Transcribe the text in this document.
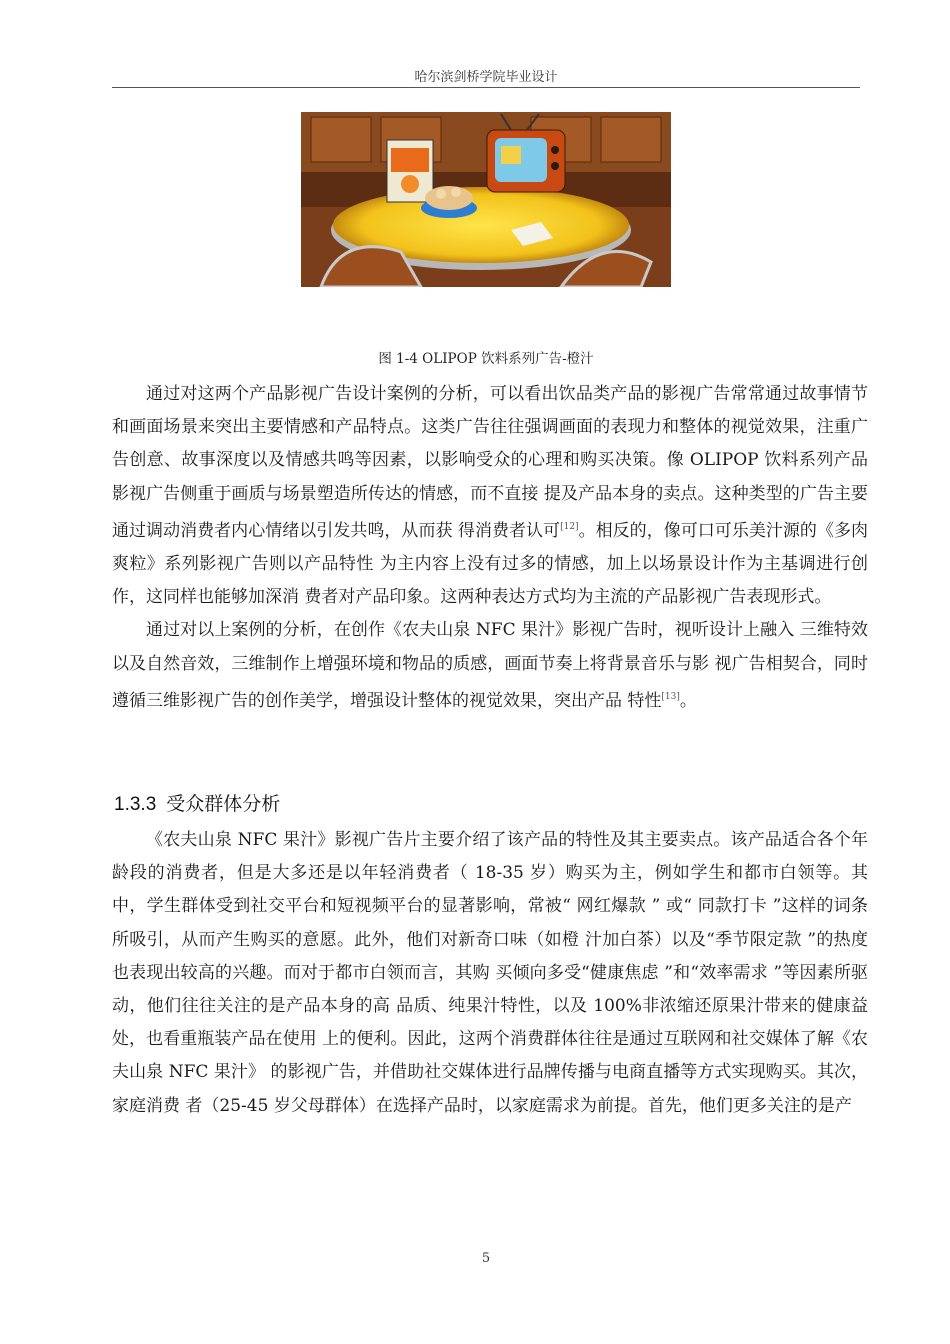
哈尔滨剑桥学院毕业设计
图 1-4 OLIPOP 饮料系列广告-橙汁

通过对这两个产品影视广告设计案例的分析，可以看出饮品类产品的影视广告常常通过故事情节和画面场景来突出主要情感和产品特点。这类广告往往强调画面的表现力和整体的视觉效果，注重广告创意、故事深度以及情感共鸣等因素，以影响受众的心理和购买决策。像 OLIPOP 饮料系列产品影视广告侧重于画质与场景塑造所传达的情感，而不直接 提及产品本身的卖点。这种类型的广告主要通过调动消费者内心情绪以引发共鸣，从而获 得消费者认可[12]。相反的，像可口可乐美汁源的《多肉爽粒》系列影视广告则以产品特性 为主内容上没有过多的情感，加上以场景设计作为主基调进行创作，这同样也能够加深消 费者对产品印象。这两种表达方式均为主流的产品影视广告表现形式。

通过对以上案例的分析，在创作《农夫山泉 NFC 果汁》影视广告时，视听设计上融入 三维特效以及自然音效，三维制作上增强环境和物品的质感，画面节奏上将背景音乐与影 视广告相契合，同时遵循三维影视广告的创作美学，增强设计整体的视觉效果，突出产品 特性[13]。

1.3.3 受众群体分析

《农夫山泉 NFC 果汁》影视广告片主要介绍了该产品的特性及其主要卖点。该产品适合各个年龄段的消费者，但是大多还是以年轻消费者（ 18-35 岁）购买为主，例如学生和都市白领等。其中，学生群体受到社交平台和短视频平台的显著影响，常被“ 网红爆款 ” 或“ 同款打卡 ”这样的词条所吸引，从而产生购买的意愿。此外，他们对新奇口味（如橙 汁加白茶）以及“季节限定款 ”的热度也表现出较高的兴趣。而对于都市白领而言，其购 买倾向多受“健康焦虑 ”和“效率需求 ”等因素所驱动，他们往往关注的是产品本身的高 品质、纯果汁特性，以及 100%非浓缩还原果汁带来的健康益处，也看重瓶装产品在使用 上的便利。因此，这两个消费群体往往是通过互联网和社交媒体了解《农夫山泉 NFC 果汁》 的影视广告，并借助社交媒体进行品牌传播与电商直播等方式实现购买。其次，家庭消费 者（25-45 岁父母群体）在选择产品时，以家庭需求为前提。首先，他们更多关注的是产

5
